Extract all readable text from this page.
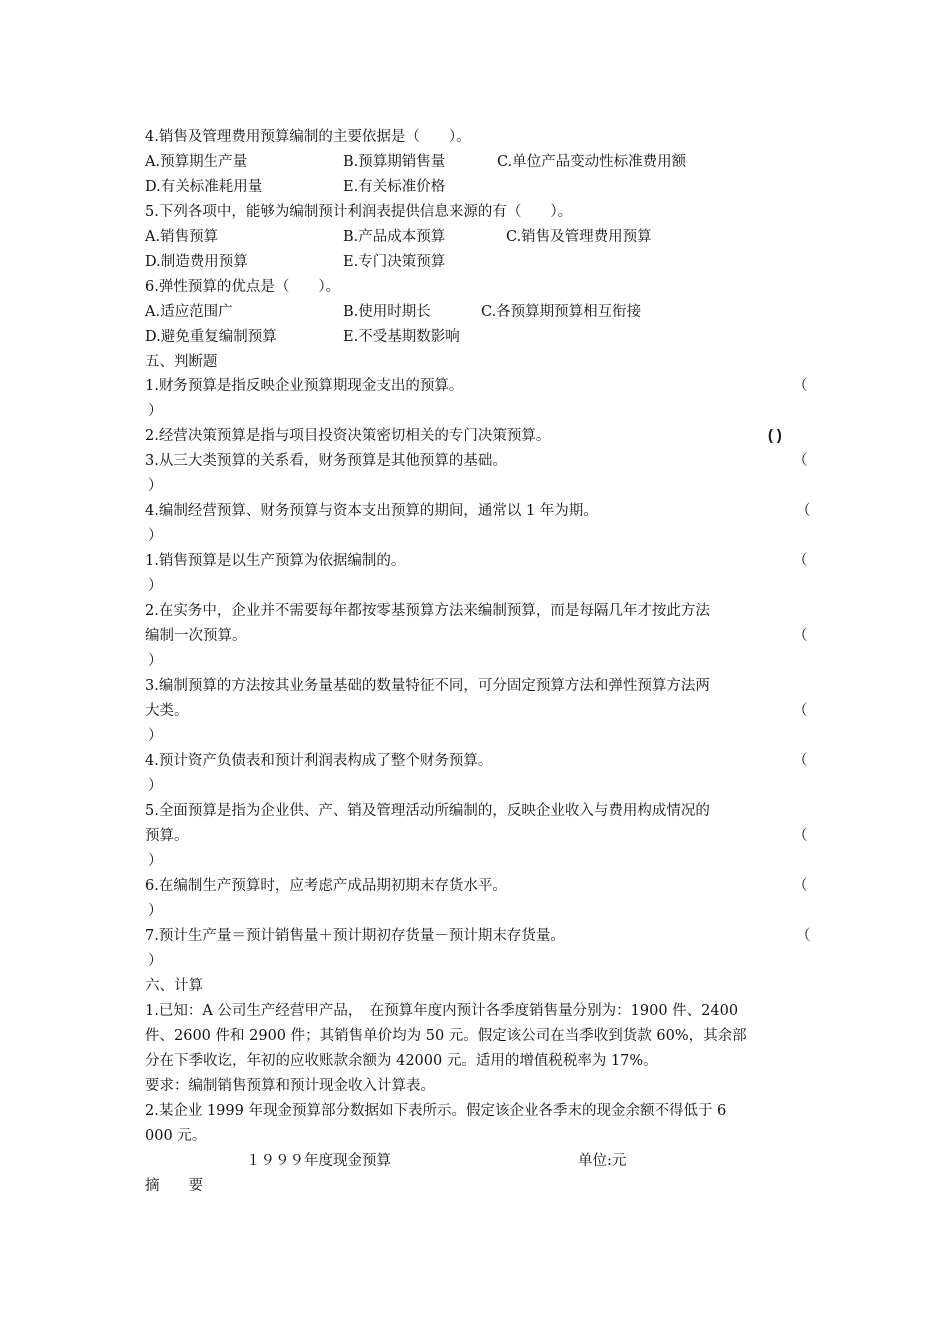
4.销售及管理费用预算编制的主要依据是（　　）。
A.预算期生产量	B.预算期销售量	C.单位产品变动性标准费用额
D.有关标准耗用量	E.有关标准价格
5.下列各项中，能够为编制预计利润表提供信息来源的有（　　）。
A.销售预算	B.产品成本预算	C.销售及管理费用预算
D.制造费用预算	E.专门决策预算
6.弹性预算的优点是（　　）。
A.适应范围广	B.使用时期长	C.各预算期预算相互衔接
D.避免重复编制预算	E.不受基期数影响
五、判断题
1.财务预算是指反映企业预算期现金支出的预算。	（
）
2.经营决策预算是指与项目投资决策密切相关的专门决策预算。	( )
3.从三大类预算的关系看，财务预算是其他预算的基础。	（
）
4.编制经营预算、财务预算与资本支出预算的期间，通常以 1 年为期。	（
）
1.销售预算是以生产预算为依据编制的。	（
）
2.在实务中，企业并不需要每年都按零基预算方法来编制预算，而是每隔几年才按此方法
编制一次预算。	（
）
3.编制预算的方法按其业务量基础的数量特征不同，可分固定预算方法和弹性预算方法两
大类。	（
）
4.预计资产负债表和预计利润表构成了整个财务预算。	（
）
5.全面预算是指为企业供、产、销及管理活动所编制的，反映企业收入与费用构成情况的
预算。	（
）
6.在编制生产预算时，应考虑产成品期初期末存货水平。	（
）
7.预计生产量＝预计销售量＋预计期初存货量－预计期末存货量。	（
）
六、计算
1.已知：A 公司生产经营甲产品，　在预算年度内预计各季度销售量分别为：1900 件、2400
件、2600 件和 2900 件；其销售单价均为 50 元。假定该公司在当季收到货款 60%，其余部
分在下季收讫，年初的应收账款余额为 42000 元。适用的增值税税率为 17%。
要求：编制销售预算和预计现金收入计算表。
2.某企业 1999 年现金预算部分数据如下表所示。假定该企业各季末的现金余额不得低于 6
000 元。
１９９９年度现金预算	单位:元
摘　　要
